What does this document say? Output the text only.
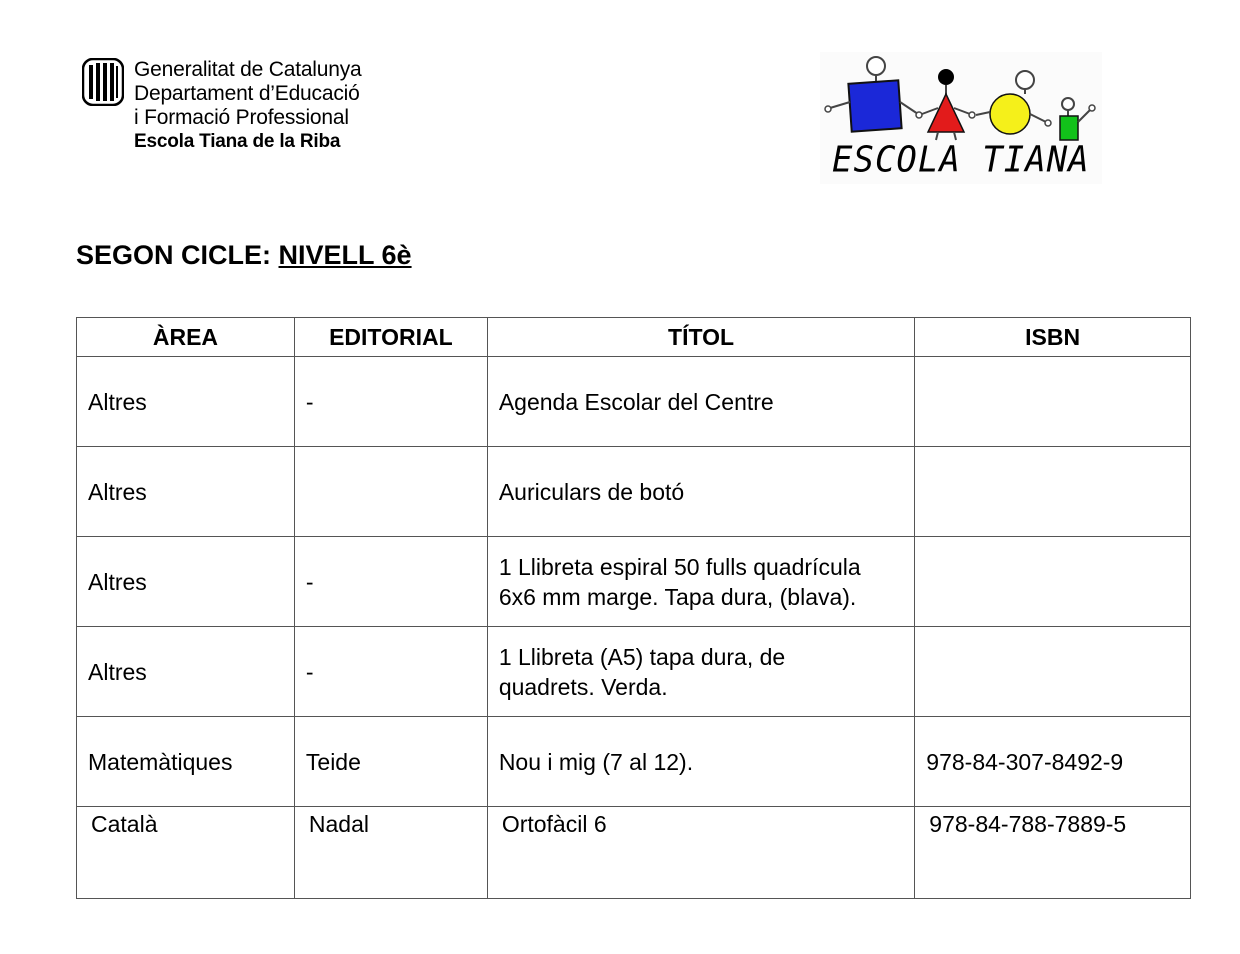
Generalitat de Catalunya
Departament d’Educació
i Formació Professional
Escola Tiana de la Riba	ESCOLA TIANA
SEGON CICLE: NIVELL 6è
ÀREA	EDITORIAL	TÍTOL	ISBN
Altres	-	Agenda Escolar del Centre	

Altres		Auriculars de botó	

Altres	-	1 Llibreta espiral 50 fulls quadrícula
6x6 mm marge. Tapa dura, (blava).	

Altres	-	1 Llibreta (A5) tapa dura, de
quadrets. Verda.	

Matemàtiques	Teide	Nou i mig (7 al 12).	978-84-307-8492-9
Català	Nadal	Ortofàcil 6	978-84-788-7889-5
